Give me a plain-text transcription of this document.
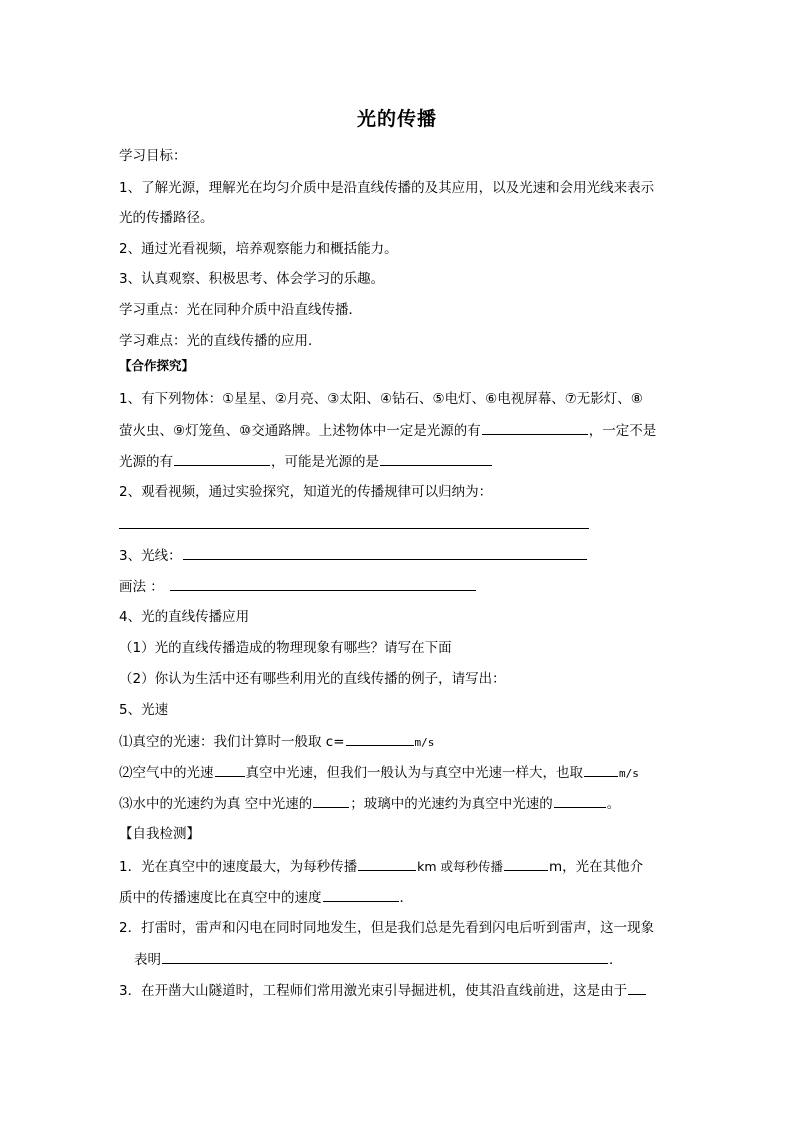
光的传播
学习目标：
1、了解光源，理解光在均匀介质中是沿直线传播的及其应用，以及光速和会用光线来表示
光的传播路径。
2、通过光看视频，培养观察能力和概括能力。
3、认真观察、积极思考、体会学习的乐趣。
学习重点：光在同种介质中沿直线传播．
学习难点：光的直线传播的应用．
【合作探究】
1、有下列物体：①星星、②月亮、③太阳、④钻石、⑤电灯、⑥电视屏幕、⑦无影灯、⑧
萤火虫、⑨灯笼鱼、⑩交通路牌。上述物体中一定是光源的有	，一定不是
光源的有	，可能是光源的是
2、观看视频，通过实验探究，知道光的传播规律可以归纳为：
3、光线：
画法 ：
4、光的直线传播应用
（1）光的直线传播造成的物理现象有哪些？请写在下面
（2）你认为生活中还有哪些利用光的直线传播的例子，请写出：
5、光速
⑴真空的光速：我们计算时一般取 c=	m/s
⑵空气中的光速 真空中光速，但我们一般认为与真空中光速一样大，也取	m/s
⑶水中的光速约为真 空中光速的	；玻璃中的光速约为真空中光速的	。
【自我检测】
1．光在真空中的速度最大，为每秒传播	km 或每秒传播	m，光在其他介
质中的传播速度比在真空中的速度	．
2．打雷时，雷声和闪电在同时同地发生，但是我们总是先看到闪电后听到雷声，这一现象
表明	．
3．在开凿大山隧道时，工程师们常用激光束引导掘进机，使其沿直线前进，这是由于
